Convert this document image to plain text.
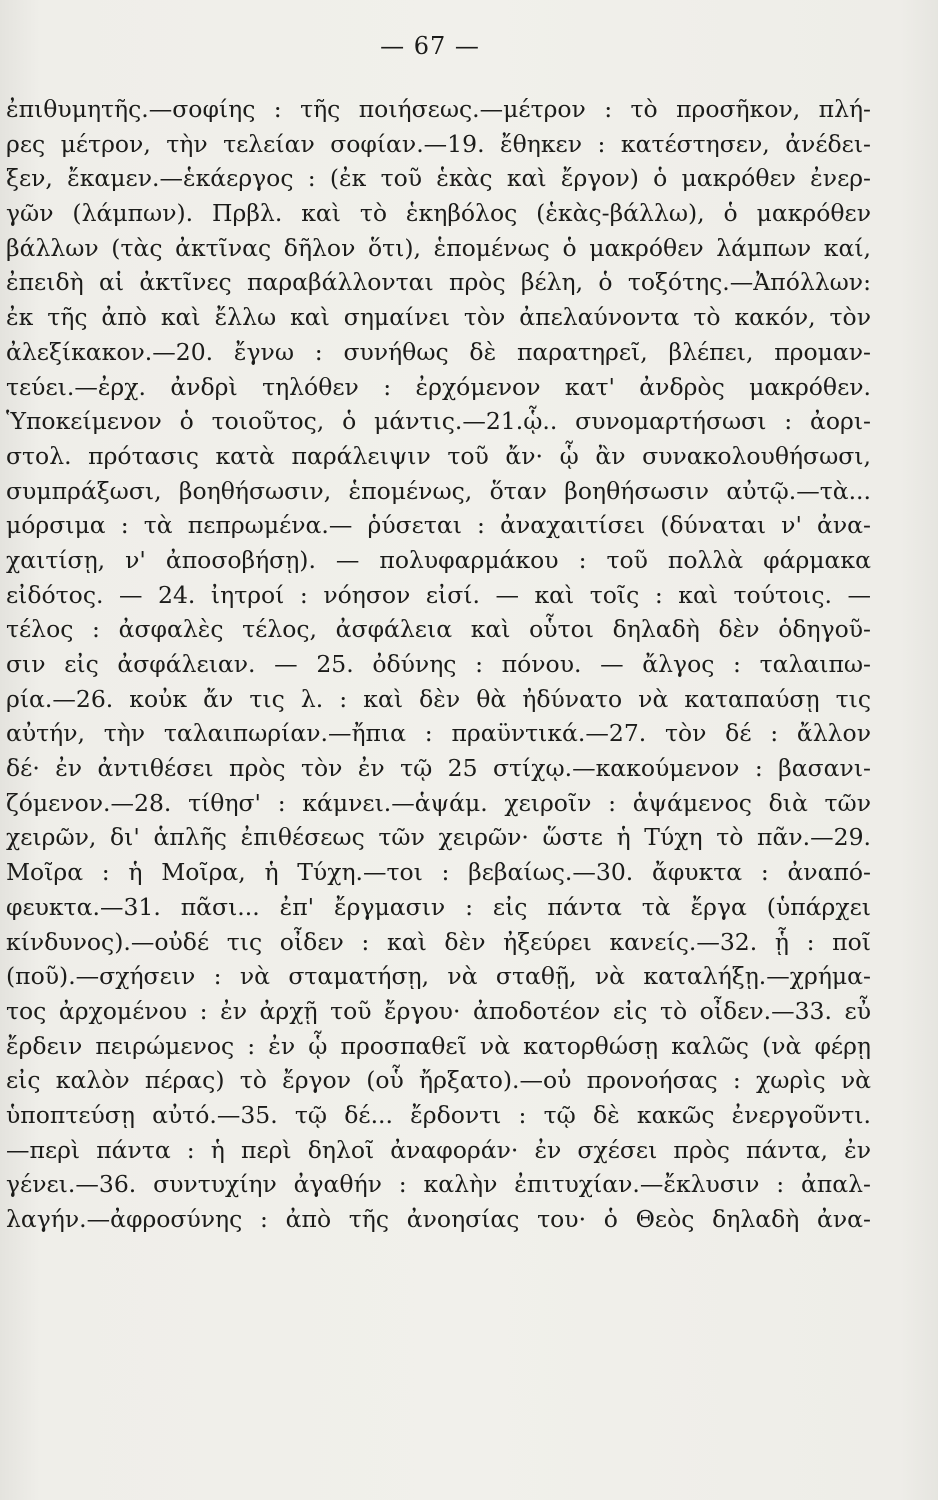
— 67 —
ἐπιθυμητῆς.—σοφίης : τῆς ποιήσεως.—μέτρον : τὸ προσῆκον, πλή-
ρες μέτρον, τὴν τελείαν σοφίαν.—19. ἔθηκεν : κατέστησεν, ἀνέδει-
ξεν, ἔκαμεν.—ἑκάεργος : (ἐκ τοῦ ἑκὰς καὶ ἔργον) ὁ μακρόθεν ἐνερ-
γῶν (λάμπων). Πρβλ. καὶ τὸ ἑκηβόλος (ἑκὰς-βάλλω), ὁ μακρόθεν
βάλλων (τὰς ἀκτῖνας δῆλον ὅτι), ἑπομένως ὁ μακρόθεν λάμπων καί,
ἐπειδὴ αἱ ἀκτῖνες παραβάλλονται πρὸς βέλη, ὁ τοξότης.—Ἀπόλλων:
ἐκ τῆς ἀπὸ καὶ ἔλλω καὶ σημαίνει τὸν ἀπελαύνοντα τὸ κακόν, τὸν
ἀλεξίκακον.—20. ἔγνω : συνήθως δὲ παρατηρεῖ, βλέπει, προμαν-
τεύει.—ἐρχ. ἀνδρὶ τηλόθεν : ἐρχόμενον κατ' ἀνδρὸς μακρόθεν.
Ὑποκείμενον ὁ τοιοῦτος, ὁ μάντις.—21.ᾧ.. συνομαρτήσωσι : ἀορι-
στολ. πρότασις κατὰ παράλειψιν τοῦ ἄν· ᾧ ἂν συνακολουθήσωσι,
συμπράξωσι, βοηθήσωσιν, ἑπομένως, ὅταν βοηθήσωσιν αὐτῷ.—τὰ...
μόρσιμα : τὰ πεπρωμένα.— ῥύσεται : ἀναχαιτίσει (δύναται ν' ἀνα-
χαιτίσῃ, ν' ἀποσοβήσῃ). — πολυφαρμάκου : τοῦ πολλὰ φάρμακα
εἰδότος. — 24. ἰητροί : νόησον εἰσί. — καὶ τοῖς : καὶ τούτοις. —
τέλος : ἀσφαλὲς τέλος, ἀσφάλεια καὶ οὗτοι δηλαδὴ δὲν ὁδηγοῦ-
σιν εἰς ἀσφάλειαν. — 25. ὀδύνης : πόνου. — ἄλγος : ταλαιπω-
ρία.—26. κοὐκ ἄν τις λ. : καὶ δὲν θὰ ἠδύνατο νὰ καταπαύσῃ τις
αὐτήν, τὴν ταλαιπωρίαν.—ἤπια : πραϋντικά.—27. τὸν δέ : ἄλλον
δέ· ἐν ἀντιθέσει πρὸς τὸν ἐν τῷ 25 στίχῳ.—κακούμενον : βασανι-
ζόμενον.—28. τίθησ' : κάμνει.—ἁψάμ. χειροῖν : ἁψάμενος διὰ τῶν
χειρῶν, δι' ἁπλῆς ἐπιθέσεως τῶν χειρῶν· ὥστε ἡ Τύχη τὸ πᾶν.—29.
Μοῖρα : ἡ Μοῖρα, ἡ Τύχη.—τοι : βεβαίως.—30. ἄφυκτα : ἀναπό-
φευκτα.—31. πᾶσι... ἐπ' ἔργμασιν : εἰς πάντα τὰ ἔργα (ὑπάρχει
κίνδυνος).—οὐδέ τις οἶδεν : καὶ δὲν ἠξεύρει κανείς.—32. ᾗ : ποῖ
(ποῦ).—σχήσειν : νὰ σταματήσῃ, νὰ σταθῇ, νὰ καταλήξῃ.—χρήμα-
τος ἀρχομένου : ἐν ἀρχῇ τοῦ ἔργου· ἀποδοτέον εἰς τὸ οἶδεν.—33. εὖ
ἔρδειν πειρώμενος : ἐν ᾧ προσπαθεῖ νὰ κατορθώσῃ καλῶς (νὰ φέρῃ
εἰς καλὸν πέρας) τὸ ἔργον (οὗ ἤρξατο).—οὐ προνοήσας : χωρὶς νὰ
ὑποπτεύσῃ αὐτό.—35. τῷ δέ... ἔρδοντι : τῷ δὲ κακῶς ἐνεργοῦντι.
—περὶ πάντα : ἡ περὶ δηλοῖ ἀναφοράν· ἐν σχέσει πρὸς πάντα, ἐν
γένει.—36. συντυχίην ἀγαθήν : καλὴν ἐπιτυχίαν.—ἔκλυσιν : ἀπαλ-
λαγήν.—ἀφροσύνης : ἀπὸ τῆς ἀνοησίας του· ὁ Θεὸς δηλαδὴ ἀνα-
